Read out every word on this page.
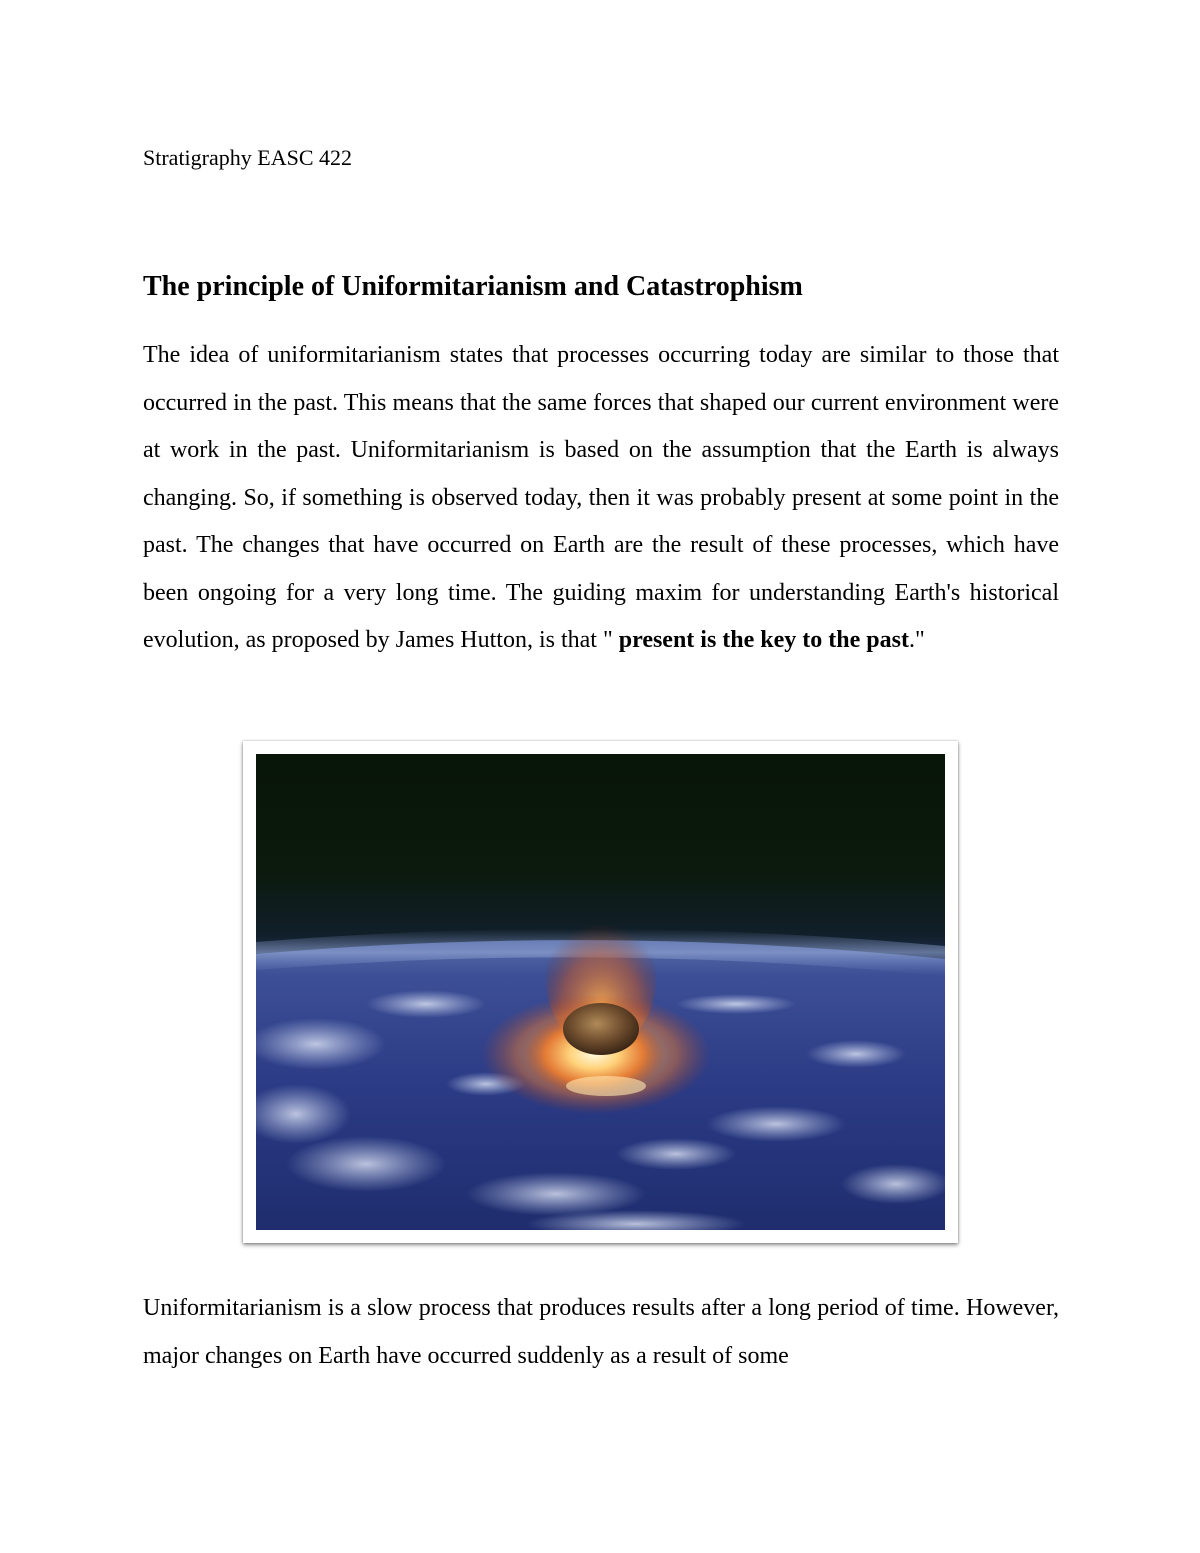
Stratigraphy EASC 422
The principle of Uniformitarianism and Catastrophism

The idea of uniformitarianism states that processes occurring today are similar to those that occurred in the past. This means that the same forces that shaped our current environment were at work in the past. Uniformitarianism is based on the assumption that the Earth is always changing. So, if something is observed today, then it was probably present at some point in the past. The changes that have occurred on Earth are the result of these processes, which have been ongoing for a very long time. The guiding maxim for understanding Earth's historical evolution, as proposed by James Hutton, is that " present is the key to the past."

Uniformitarianism is a slow process that produces results after a long period of time. However, major changes on Earth have occurred suddenly as a result of some
